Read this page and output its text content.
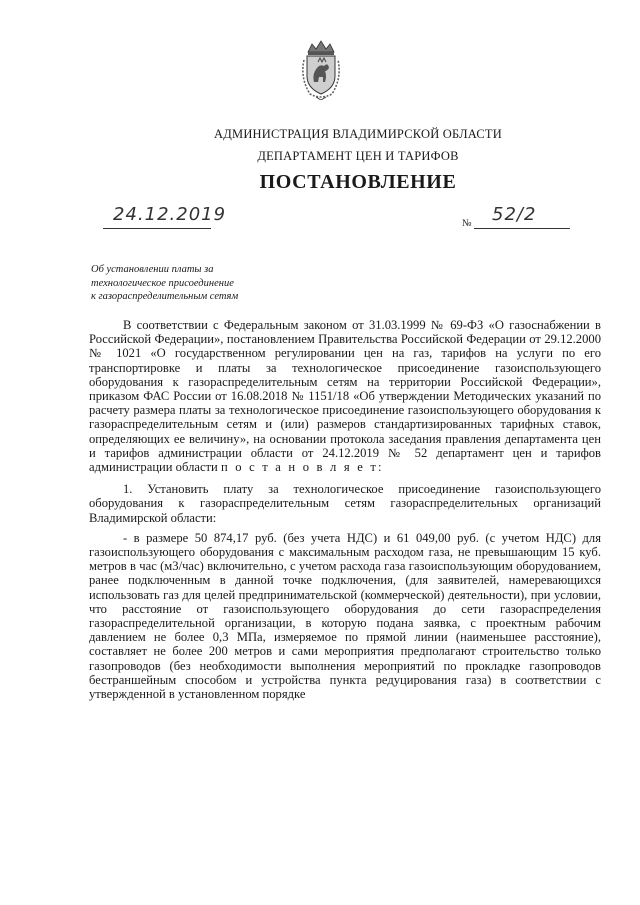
АДМИНИСТРАЦИЯ ВЛАДИМИРСКОЙ ОБЛАСТИ
ДЕПАРТАМЕНТ ЦЕН И ТАРИФОВ
ПОСТАНОВЛЕНИЕ
24.12.2019	№ 52/2
Об установлении платы за
технологическое присоединение
к газораспределительным сетям

В соответствии с Федеральным законом от 31.03.1999 № 69-ФЗ «О газоснабжении в Российской Федерации», постановлением Правительства Российской Федерации от 29.12.2000 № 1021 «О государственном регулировании цен на газ, тарифов на услуги по его транспортировке и платы за технологическое присоединение газоиспользующего оборудования к газораспределительным сетям на территории Российской Федерации», приказом ФАС России от 16.08.2018 № 1151/18 «Об утверждении Методических указаний по расчету размера платы за технологическое присоединение газоиспользующего оборудования к газораспределительным сетям и (или) размеров стандартизированных тарифных ставок, определяющих ее величину», на основании протокола заседания правления департамента цен и тарифов администрации области от 24.12.2019 № 52 департамент цен и тарифов администрации области п о с т а н о в л я е т:

1. Установить плату за технологическое присоединение газоиспользующего оборудования к газораспределительным сетям газораспределительных организаций Владимирской области:

- в размере 50 874,17 руб. (без учета НДС) и 61 049,00 руб. (с учетом НДС) для газоиспользующего оборудования с максимальным расходом газа, не превышающим 15 куб. метров в час (м3/час) включительно, с учетом расхода газа газоиспользующим оборудованием, ранее подключенным в данной точке подключения, (для заявителей, намеревающихся использовать газ для целей предпринимательской (коммерческой) деятельности), при условии, что расстояние от газоиспользующего оборудования до сети газораспределения газораспределительной организации, в которую подана заявка, с проектным рабочим давлением не более 0,3 МПа, измеряемое по прямой линии (наименьшее расстояние), составляет не более 200 метров и сами мероприятия предполагают строительство только газопроводов (без необходимости выполнения мероприятий по прокладке газопроводов бестраншейным способом и устройства пункта редуцирования газа) в соответствии с утвержденной в установленном порядке
